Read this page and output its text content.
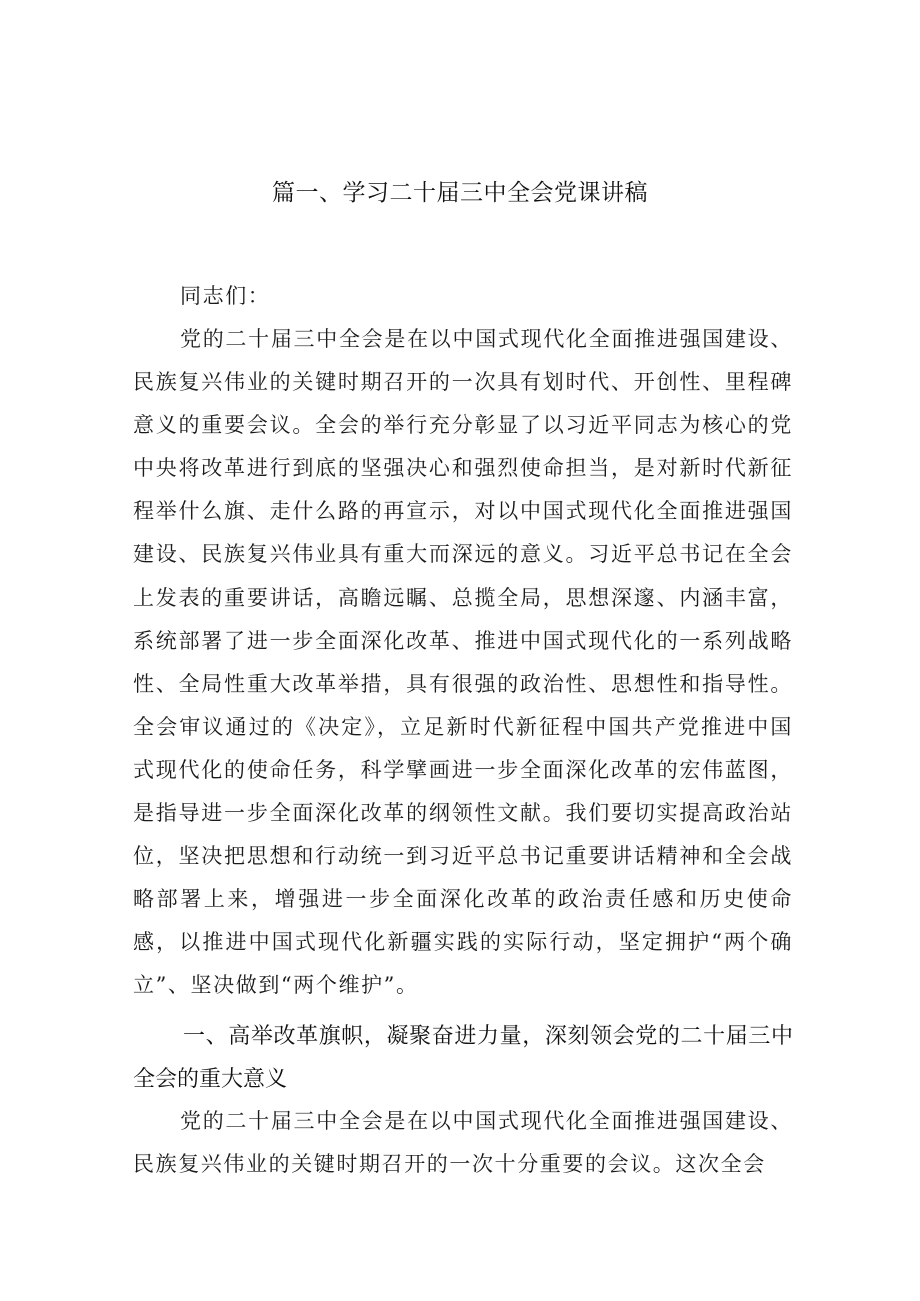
篇一、学习二十届三中全会党课讲稿
同志们：
党的二十届三中全会是在以中国式现代化全面推进强国建设、民族复兴伟业的关键时期召开的一次具有划时代、开创性、里程碑意义的重要会议。全会的举行充分彰显了以习近平同志为核心的党中央将改革进行到底的坚强决心和强烈使命担当，是对新时代新征程举什么旗、走什么路的再宣示，对以中国式现代化全面推进强国建设、民族复兴伟业具有重大而深远的意义。习近平总书记在全会上发表的重要讲话，高瞻远瞩、总揽全局，思想深邃、内涵丰富，系统部署了进一步全面深化改革、推进中国式现代化的一系列战略性、全局性重大改革举措，具有很强的政治性、思想性和指导性。全会审议通过的《决定》，立足新时代新征程中国共产党推进中国式现代化的使命任务，科学擘画进一步全面深化改革的宏伟蓝图，是指导进一步全面深化改革的纲领性文献。我们要切实提高政治站位，坚决把思想和行动统一到习近平总书记重要讲话精神和全会战略部署上来，增强进一步全面深化改革的政治责任感和历史使命感，以推进中国式现代化新疆实践的实际行动，坚定拥护“两个确立”、坚决做到“两个维护”。
一、高举改革旗帜，凝聚奋进力量，深刻领会党的二十届三中全会的重大意义
党的二十届三中全会是在以中国式现代化全面推进强国建设、民族复兴伟业的关键时期召开的一次十分重要的会议。这次全会
